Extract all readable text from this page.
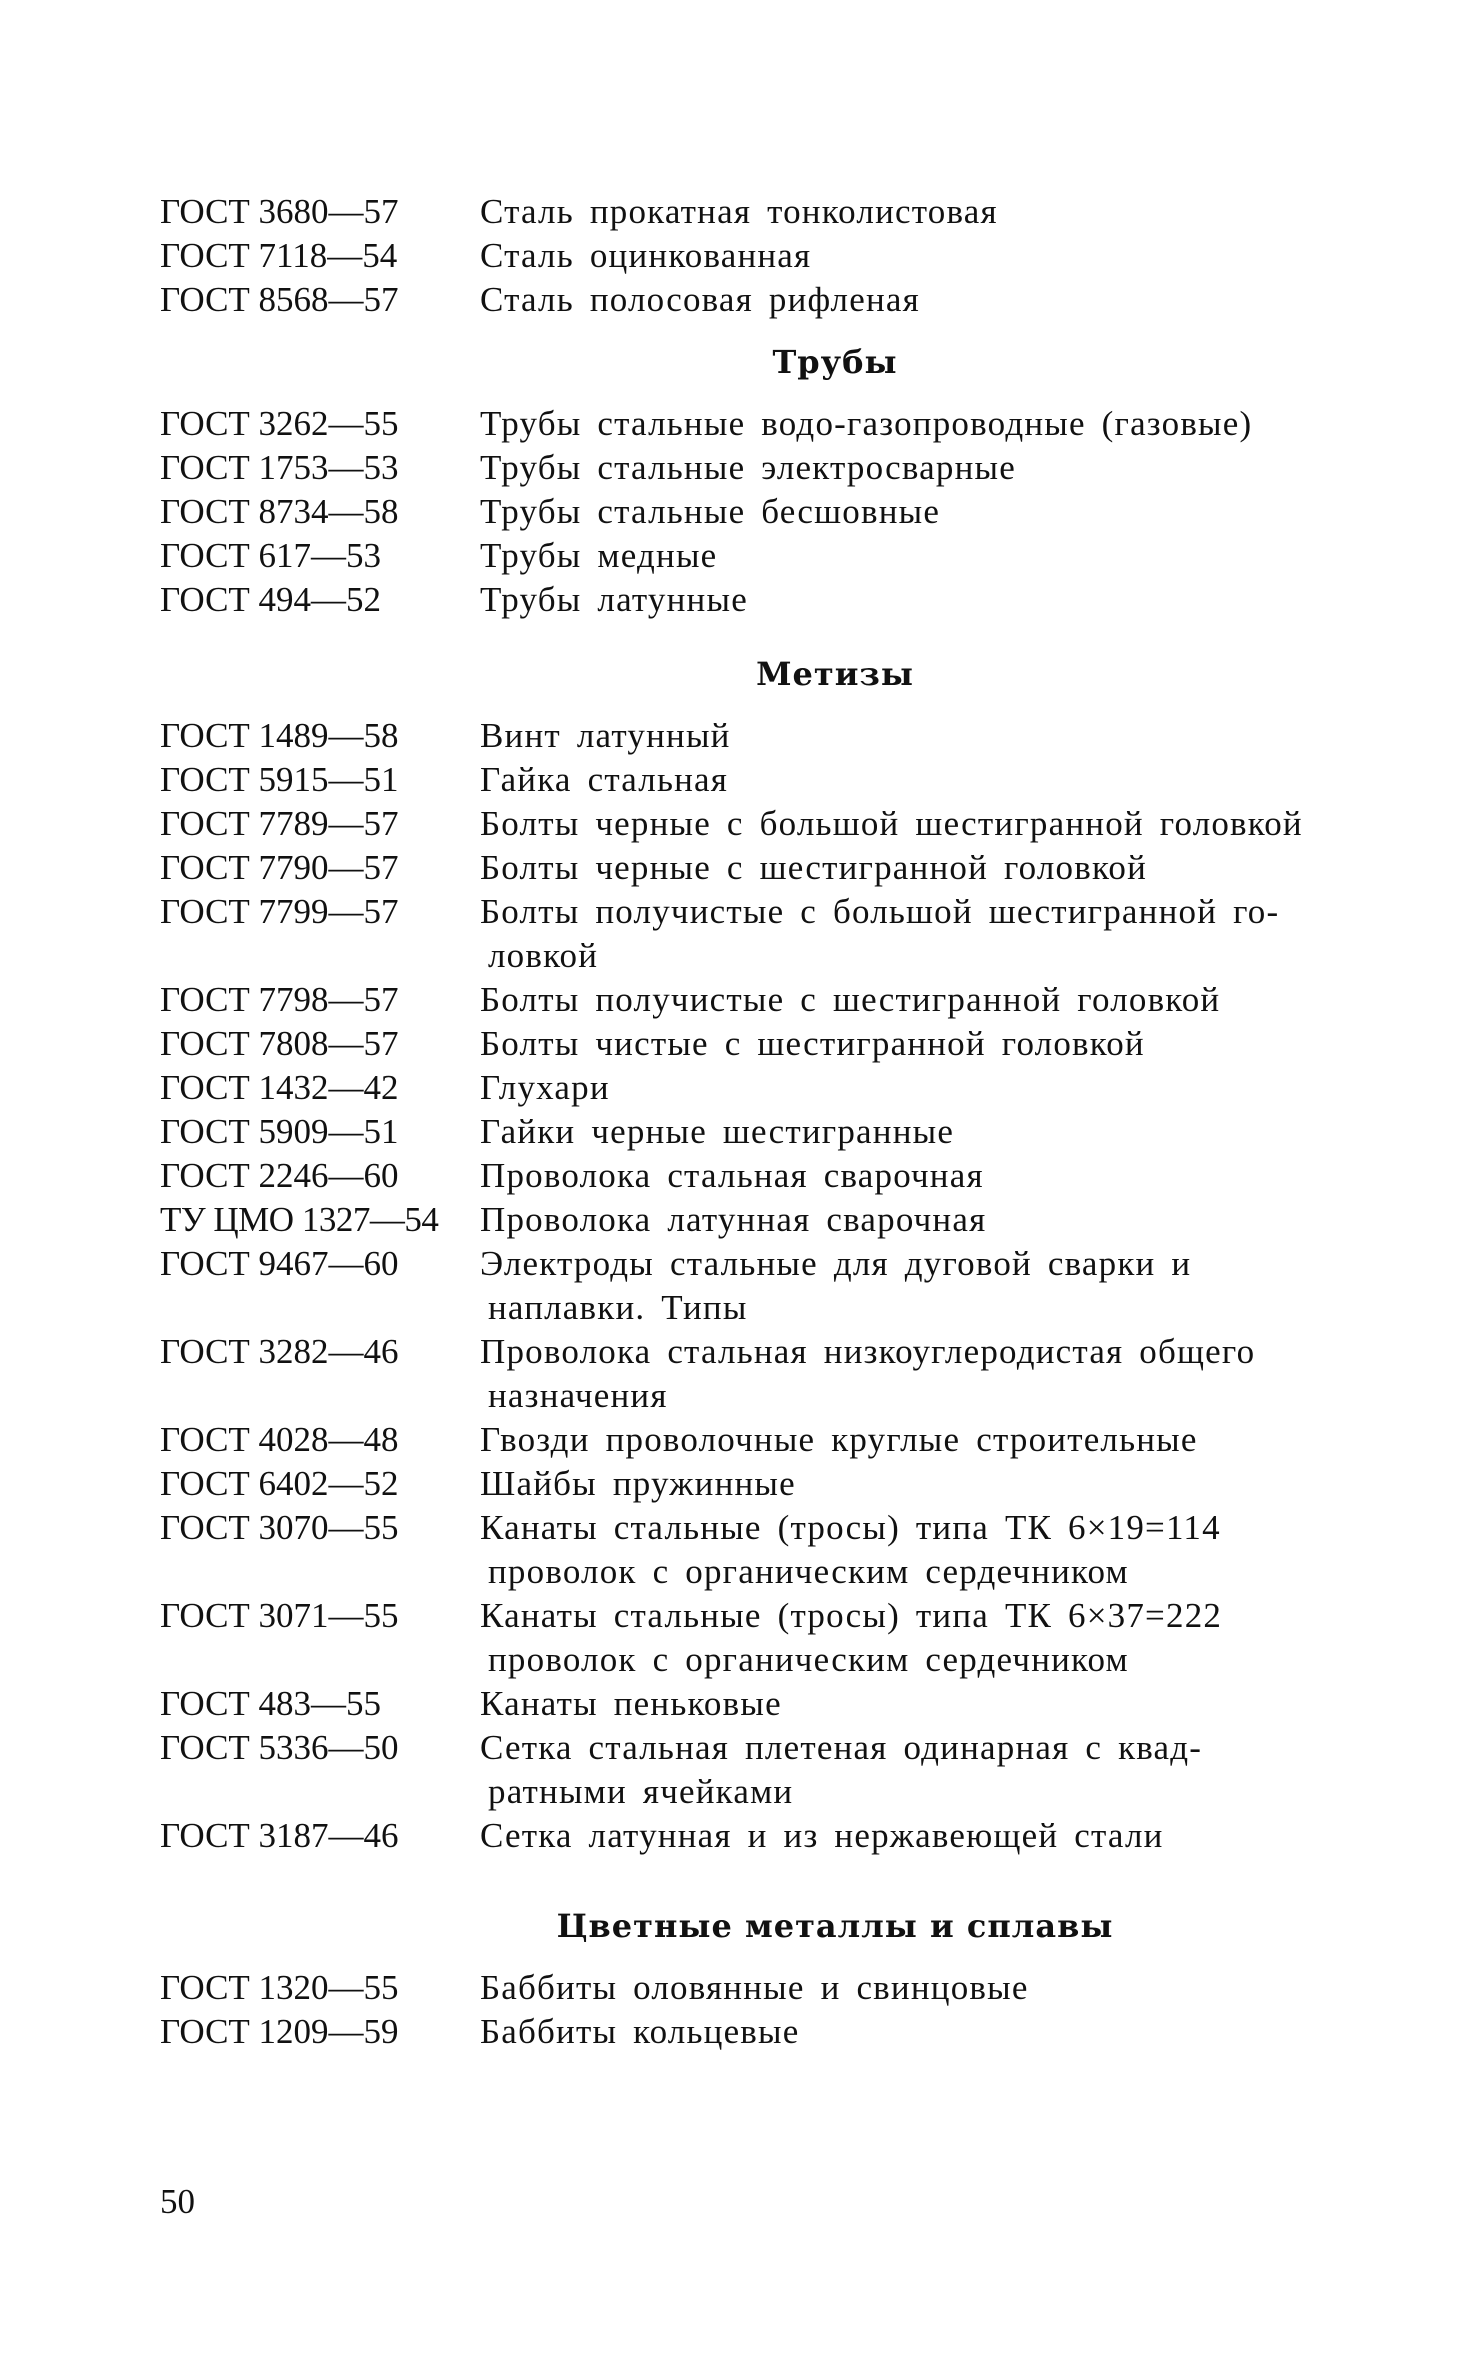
ГОСТ 3680—57	Сталь прокатная тонколистовая
ГОСТ 7118—54	Сталь оцинкованная
ГОСТ 8568—57	Сталь полосовая рифленая
Трубы
ГОСТ 3262—55	Трубы стальные водо-газопроводные (газовые)
ГОСТ 1753—53	Трубы стальные электросварные
ГОСТ 8734—58	Трубы стальные бесшовные
ГОСТ 617—53	Трубы медные
ГОСТ 494—52	Трубы латунные
Метизы
ГОСТ 1489—58	Винт латунный
ГОСТ 5915—51	Гайка стальная
ГОСТ 7789—57	Болты черные с большой шестигранной головкой
ГОСТ 7790—57	Болты черные с шестигранной головкой
ГОСТ 7799—57	Болты получистые с большой шестигранной го-
ловкой
ГОСТ 7798—57	Болты получистые с шестигранной головкой
ГОСТ 7808—57	Болты чистые с шестигранной головкой
ГОСТ 1432—42	Глухари
ГОСТ 5909—51	Гайки черные шестигранные
ГОСТ 2246—60	Проволока стальная сварочная
ТУ ЦМО 1327—54	Проволока латунная сварочная
ГОСТ 9467—60	Электроды стальные для дуговой сварки и
наплавки. Типы
ГОСТ 3282—46	Проволока стальная низкоуглеродистая общего
назначения
ГОСТ 4028—48	Гвозди проволочные круглые строительные
ГОСТ 6402—52	Шайбы пружинные
ГОСТ 3070—55	Канаты стальные (тросы) типа ТК 6×19=114
проволок с органическим сердечником
ГОСТ 3071—55	Канаты стальные (тросы) типа ТК 6×37=222
проволок с органическим сердечником
ГОСТ 483—55	Канаты пеньковые
ГОСТ 5336—50	Сетка стальная плетеная одинарная с квад-
ратными ячейками
ГОСТ 3187—46	Сетка латунная и из нержавеющей стали
Цветные металлы и сплавы
ГОСТ 1320—55	Баббиты оловянные и свинцовые
ГОСТ 1209—59	Баббиты кольцевые
50
